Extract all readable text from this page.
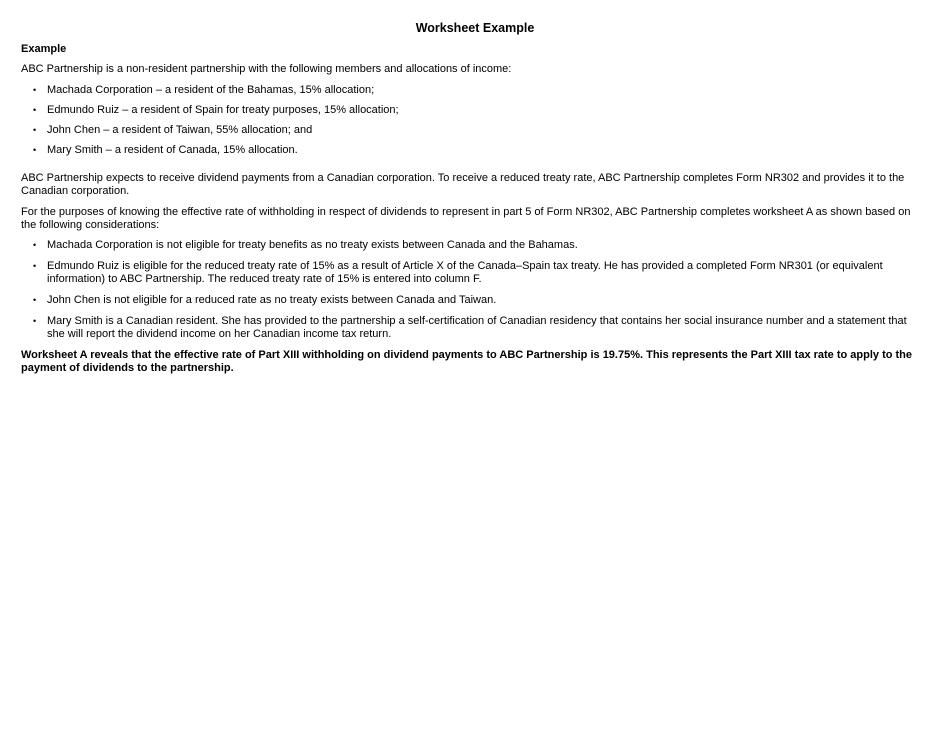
Worksheet Example
Example

ABC Partnership is a non-resident partnership with the following members and allocations of income:

• Machada Corporation – a resident of the Bahamas, 15% allocation;
• Edmundo Ruiz – a resident of Spain for treaty purposes, 15% allocation;
• John Chen – a resident of Taiwan, 55% allocation; and
• Mary Smith – a resident of Canada, 15% allocation.

ABC Partnership expects to receive dividend payments from a Canadian corporation. To receive a reduced treaty rate, ABC Partnership completes Form NR302 and provides it to the Canadian corporation.

For the purposes of knowing the effective rate of withholding in respect of dividends to represent in part 5 of Form NR302, ABC Partnership completes worksheet A as shown based on the following considerations:

• Machada Corporation is not eligible for treaty benefits as no treaty exists between Canada and the Bahamas.
• Edmundo Ruiz is eligible for the reduced treaty rate of 15% as a result of Article X of the Canada–Spain tax treaty. He has provided a completed Form NR301 (or equivalent information) to ABC Partnership. The reduced treaty rate of 15% is entered into column F.
• John Chen is not eligible for a reduced rate as no treaty exists between Canada and Taiwan.
• Mary Smith is a Canadian resident. She has provided to the partnership a self-certification of Canadian residency that contains her social insurance number and a statement that she will report the dividend income on her Canadian income tax return.

Worksheet A reveals that the effective rate of Part XIII withholding on dividend payments to ABC Partnership is 19.75%. This represents the Part XIII tax rate to apply to the payment of dividends to the partnership.
